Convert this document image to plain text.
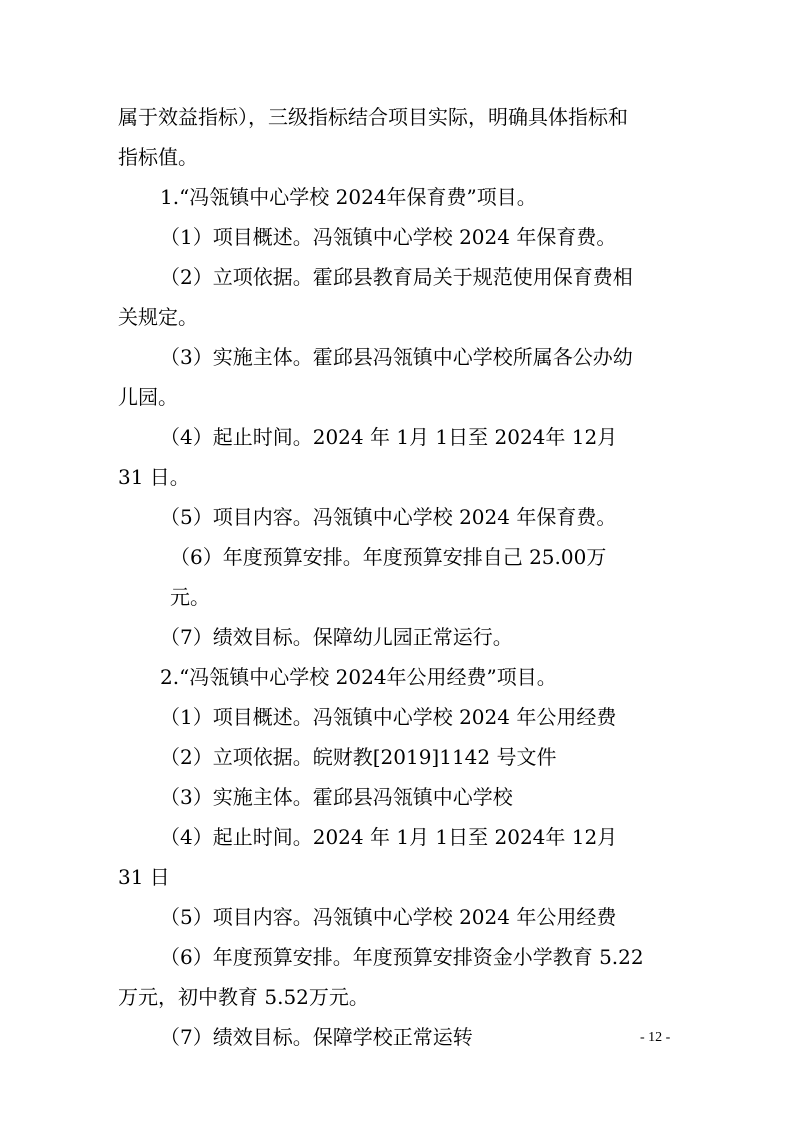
属于效益指标），三级指标结合项目实际，明确具体指标和
指标值。
1.“冯瓴镇中心学校 2024年保育费”项目。
（1）项目概述。冯瓴镇中心学校 2024 年保育费。
（2）立项依据。霍邱县教育局关于规范使用保育费相
关规定。
（3）实施主体。霍邱县冯瓴镇中心学校所属各公办幼
儿园。
（4）起止时间。2024 年 1月 1日至 2024年 12月
31 日。
（5）项目内容。冯瓴镇中心学校 2024 年保育费。
（6）年度预算安排。年度预算安排自己 25.00万
元。
（7）绩效目标。保障幼儿园正常运行。
2.“冯瓴镇中心学校 2024年公用经费”项目。
（1）项目概述。冯瓴镇中心学校 2024 年公用经费
（2）立项依据。皖财教[2019]1142 号文件
（3）实施主体。霍邱县冯瓴镇中心学校
（4）起止时间。2024 年 1月 1日至 2024年 12月
31 日
（5）项目内容。冯瓴镇中心学校 2024 年公用经费
（6）年度预算安排。年度预算安排资金小学教育 5.22
万元，初中教育 5.52万元。
（7）绩效目标。保障学校正常运转	- 12 -
